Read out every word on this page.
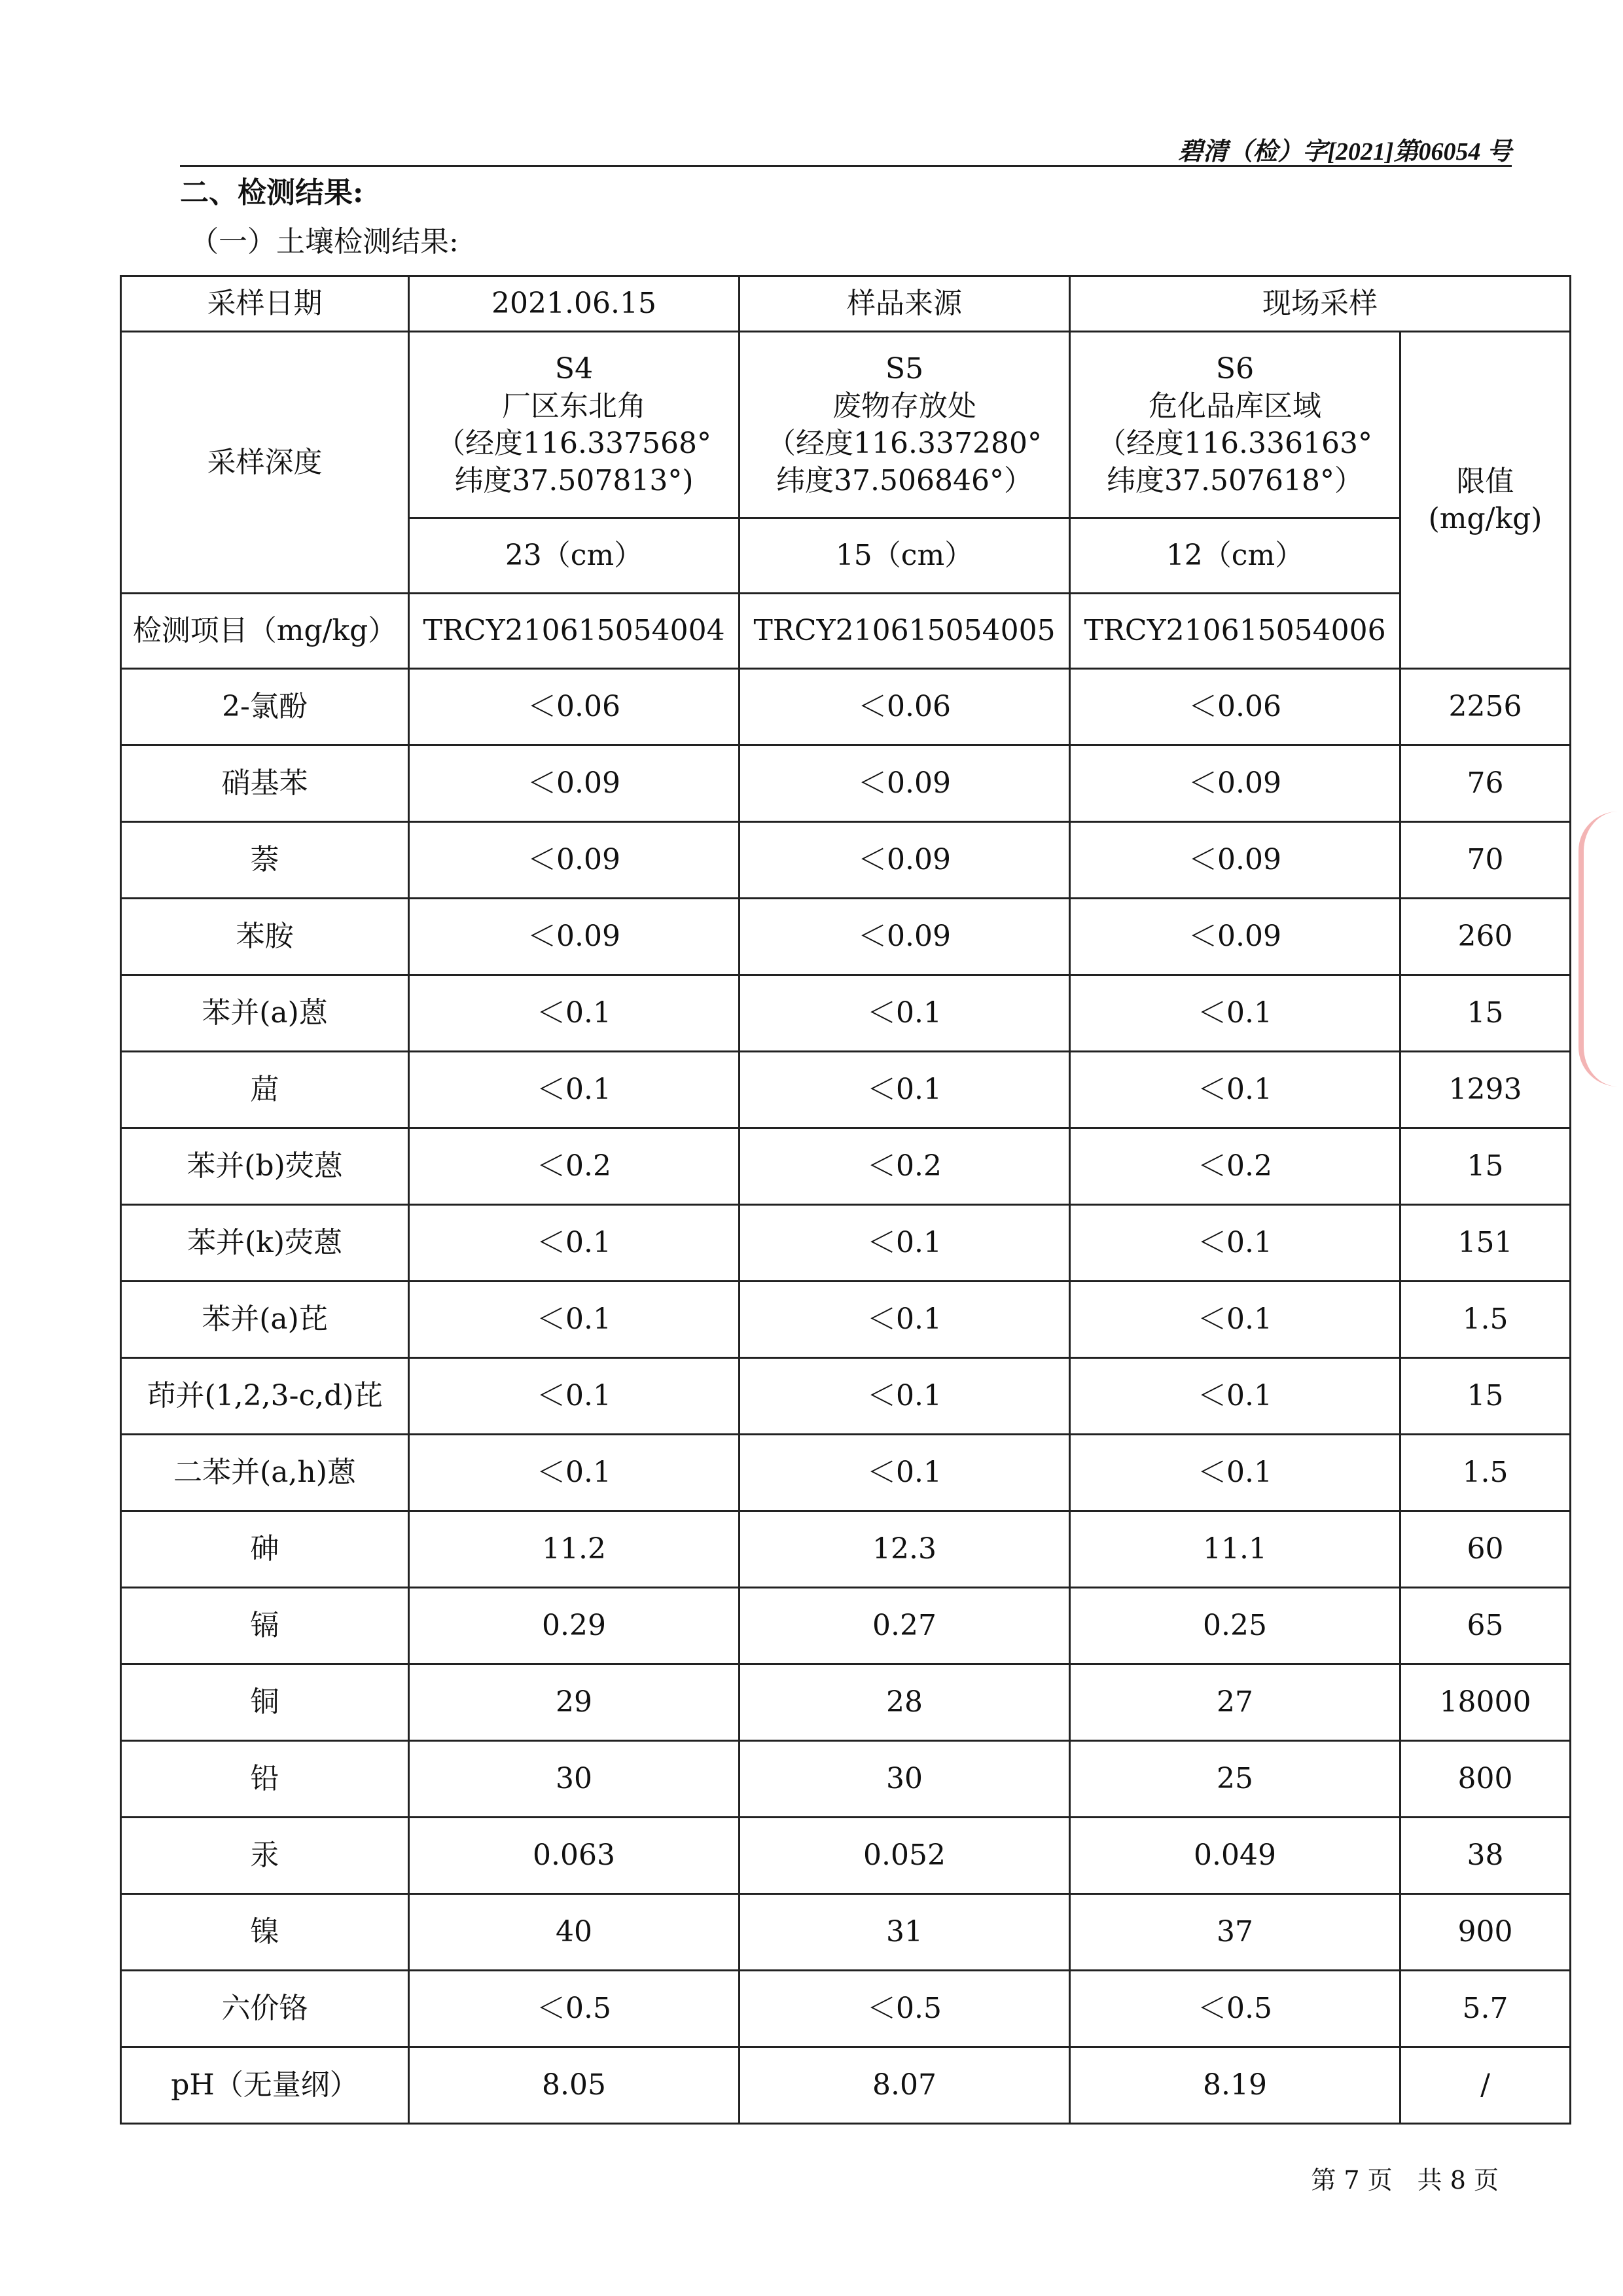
碧清（检）字[2021]第06054 号
二、检测结果:
（一）土壤检测结果:
采样日期	2021.06.15	样品来源	现场采样	
采样深度	S4
厂区东北角
（经度116.337568°
纬度37.507813°)	S5
废物存放处
（经度116.337280°
纬度37.506846°）	S6
危化品库区域
（经度116.336163°
纬度37.507618°）	限值
(mg/kg)

	23（cm）	15（cm）	12（cm）	
检测项目（mg/kg）	TRCY210615054004	TRCY210615054005	TRCY210615054006	
2-氯酚	＜0.06	＜0.06	＜0.06	2256
硝基苯	＜0.09	＜0.09	＜0.09	76
萘	＜0.09	＜0.09	＜0.09	70
苯胺	＜0.09	＜0.09	＜0.09	260
苯并(a)蒽	＜0.1	＜0.1	＜0.1	15
䓛	＜0.1	＜0.1	＜0.1	1293
苯并(b)荧蒽	＜0.2	＜0.2	＜0.2	15
苯并(k)荧蒽	＜0.1	＜0.1	＜0.1	151
苯并(a)芘	＜0.1	＜0.1	＜0.1	1.5
茚并(1,2,3-c,d)芘	＜0.1	＜0.1	＜0.1	15
二苯并(a,h)蒽	＜0.1	＜0.1	＜0.1	1.5
砷	11.2	12.3	11.1	60
镉	0.29	0.27	0.25	65
铜	29	28	27	18000
铅	30	30	25	800
汞	0.063	0.052	0.049	38
镍	40	31	37	900
六价铬	＜0.5	＜0.5	＜0.5	5.7
pH（无量纲）	8.05	8.07	8.19	/
第 7 页　共 8 页
